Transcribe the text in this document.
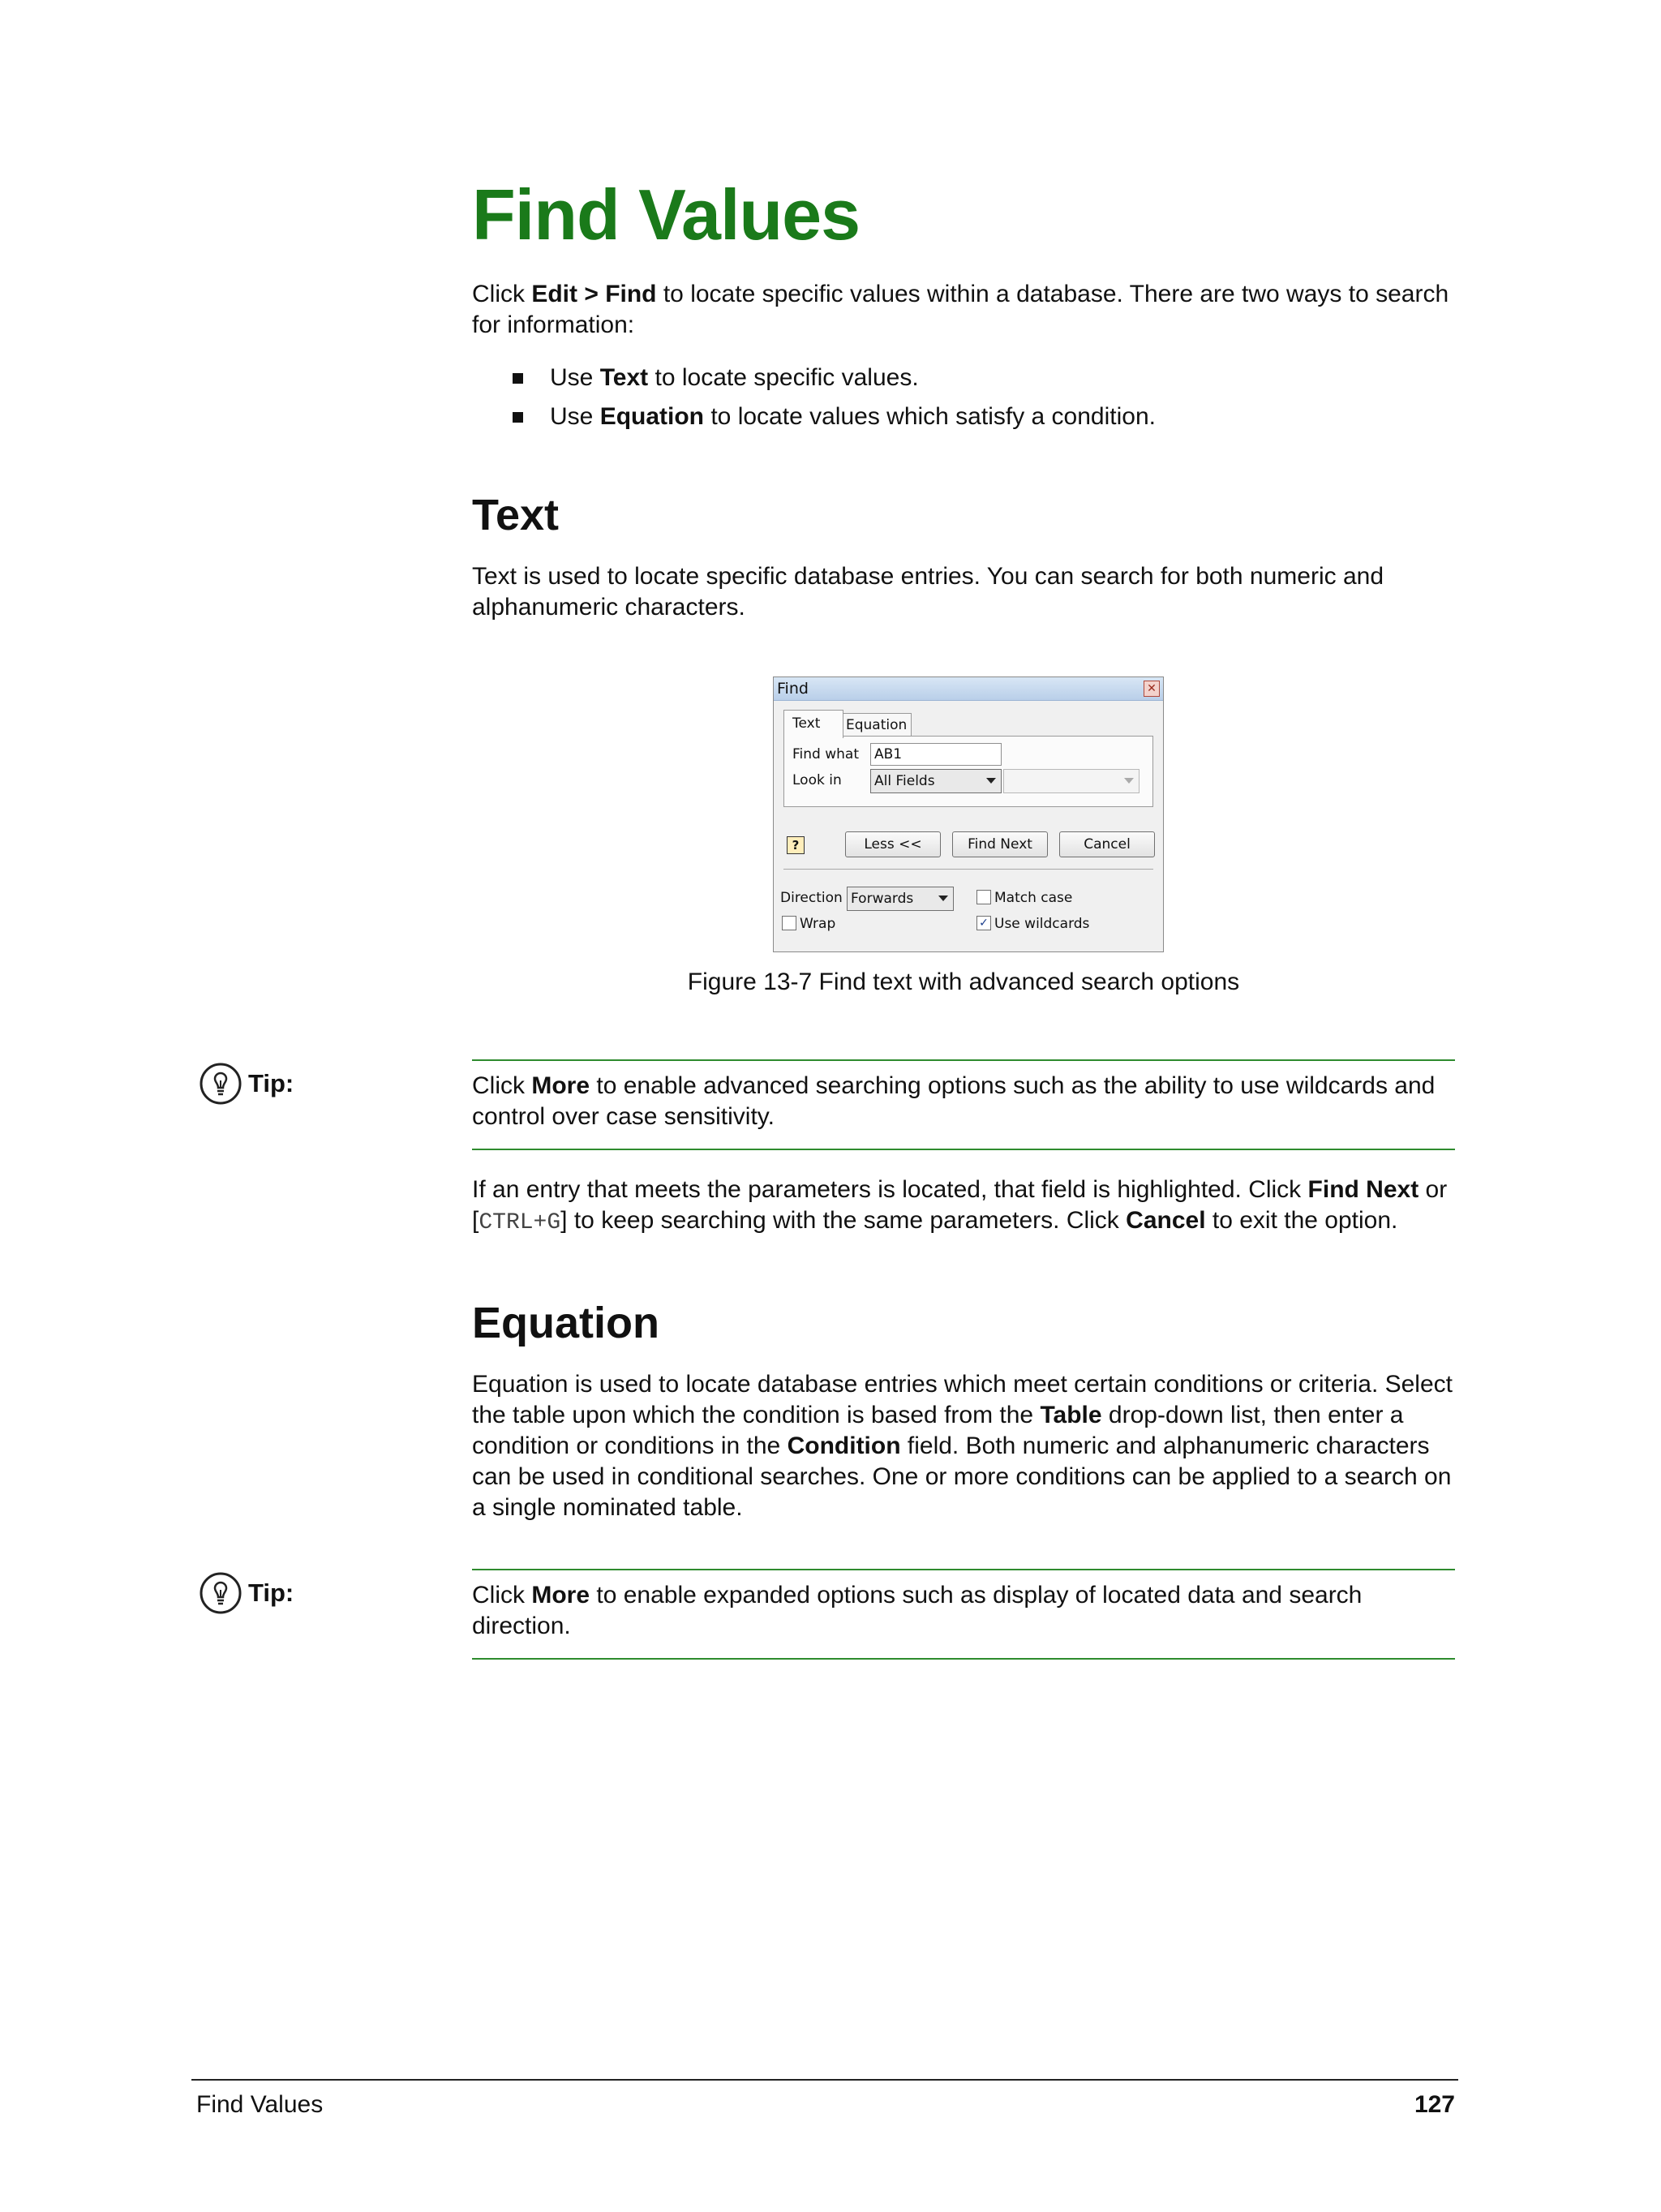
Find Values

Click Edit > Find to locate specific values within a database. There are two ways to search for information:

Use Text to locate specific values.
Use Equation to locate values which satisfy a condition.
Text

Text is used to locate specific database entries. You can search for both numeric and alphanumeric characters.

Find	✕
Text Equation
Find what AB1
Look in All Fields
?	Less <<	Find Next	Cancel
Direction Forwards	Match case
Wrap	✓ Use wildcards
Figure 13-7 Find text with advanced search options
Tip:	Click More to enable advanced searching options such as the ability to use wildcards and control over case sensitivity.

If an entry that meets the parameters is located, that field is highlighted. Click Find Next or [CTRL+G] to keep searching with the same parameters. Click Cancel to exit the option.

Equation

Equation is used to locate database entries which meet certain conditions or criteria. Select the table upon which the condition is based from the Table drop-down list, then enter a condition or conditions in the Condition field. Both numeric and alphanumeric characters can be used in conditional searches. One or more conditions can be applied to a search on a single nominated table.

Tip:	Click More to enable expanded options such as display of located data and search direction.

Find Values	127
